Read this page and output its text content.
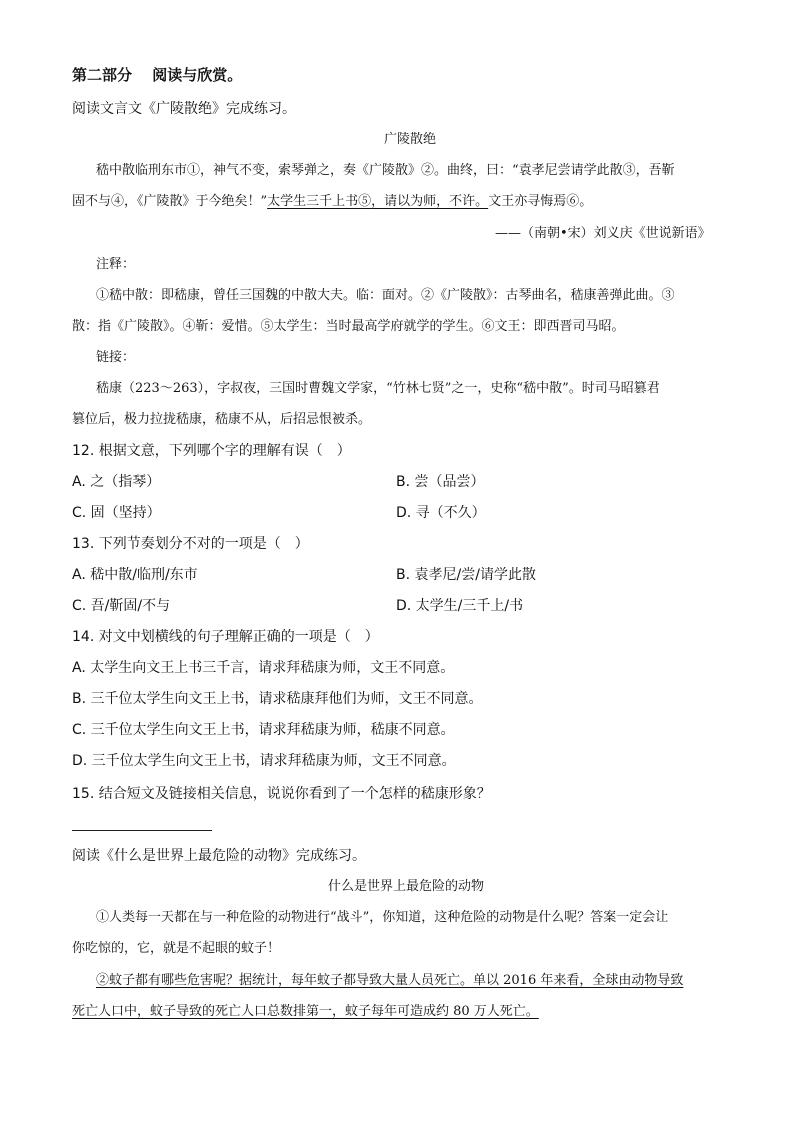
第二部分　 阅读与欣赏。
阅读文言文《广陵散绝》完成练习。
广陵散绝
嵇中散临刑东市①，神气不变，索琴弹之，奏《广陵散》②。曲终，曰：“袁孝尼尝请学此散③，吾靳
固不与④，《广陵散》于今绝矣！”太学生三千上书⑤，请以为师，不许。文王亦寻悔焉⑥。
——（南朝•宋）刘义庆《世说新语》
注释：
①嵇中散：即嵇康，曾任三国魏的中散大夫。临：面对。②《广陵散》：古琴曲名，嵇康善弹此曲。③
散：指《广陵散》。④靳：爱惜。⑤太学生：当时最高学府就学的学生。⑥文王：即西晋司马昭。
链接：
嵇康（223～263），字叔夜，三国时曹魏文学家，“竹林七贤”之一，史称“嵇中散”。时司马昭篡君
篡位后，极力拉拢嵇康，嵇康不从，后招忌恨被杀。
12. 根据文意，下列哪个字的理解有误（　）
A. 之（指琴）	B. 尝（品尝）
C. 固（坚持）	D. 寻（不久）
13. 下列节奏划分不对的一项是（　）
A. 嵇中散/临刑/东市	B. 袁孝尼/尝/请学此散
C. 吾/靳固/不与	D. 太学生/三千上/书
14. 对文中划横线的句子理解正确的一项是（　）
A. 太学生向文王上书三千言，请求拜嵇康为师，文王不同意。
B. 三千位太学生向文王上书，请求嵇康拜他们为师，文王不同意。
C. 三千位太学生向文王上书，请求拜嵇康为师，嵇康不同意。
D. 三千位太学生向文王上书，请求拜嵇康为师，文王不同意。
15. 结合短文及链接相关信息，说说你看到了一个怎样的嵇康形象？
阅读《什么是世界上最危险的动物》完成练习。
什么是世界上最危险的动物
①人类每一天都在与一种危险的动物进行“战斗”，你知道，这种危险的动物是什么呢？答案一定会让
你吃惊的，它，就是不起眼的蚊子！
②蚊子都有哪些危害呢？据统计，每年蚊子都导致大量人员死亡。单以 2016 年来看，全球由动物导致
死亡人口中，蚊子导致的死亡人口总数排第一，蚊子每年可造成约 80 万人死亡。
